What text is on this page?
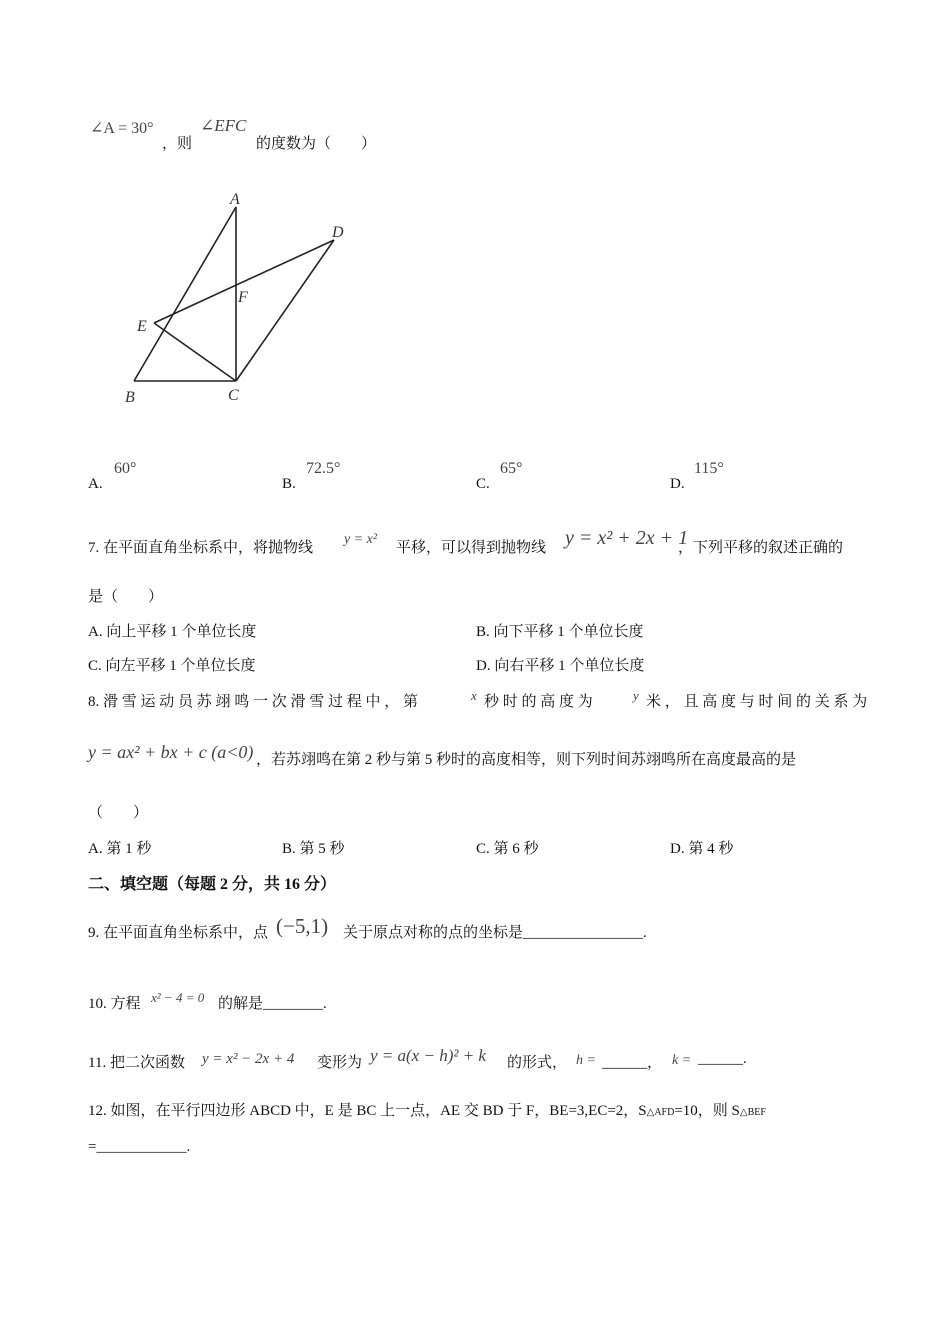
∠A = 30°
，则
∠EFC
的度数为（　　）
A
D
F
E
B	C
A.
60°
B.
72.5°
C.
65°
D.
115°
7. 在平面直角坐标系中，将抛物线
y = x²
平移，可以得到抛物线 y = x² + 2x + 1
，下列平移的叙述正确的
是（　　）
A. 向上平移 1 个单位长度	B. 向下平移 1 个单位长度
C. 向左平移 1 个单位长度	D. 向右平移 1 个单位长度
8. 滑 雪 运 动 员 苏 翊 鸣 一 次 滑 雪 过 程 中 ， 第	x 秒 时 的 高 度 为	y 米 ， 且 高 度 与 时 间 的 关 系 为
y = ax² + bx + c (a<0) ，若苏翊鸣在第 2 秒与第 5 秒时的高度相等，则下列时间苏翊鸣所在高度最高的是
（　　）
A. 第 1 秒	B. 第 5 秒	C. 第 6 秒	D. 第 4 秒
二、填空题（每题 2 分，共 16 分）
9. 在平面直角坐标系中，点 (−5,1) 关于原点对称的点的坐标是________________.
10. 方程 x² − 4 = 0 的解是________.
11. 把二次函数 y = x² − 2x + 4 变形为 y = a(x − h)² + k 的形式， h = ______， k = ______.
12. 如图，在平行四边形 ABCD 中，E 是 BC 上一点，AE 交 BD 于 F，BE=3,EC=2，S△AFD=10，则 S△BEF
=____________.
